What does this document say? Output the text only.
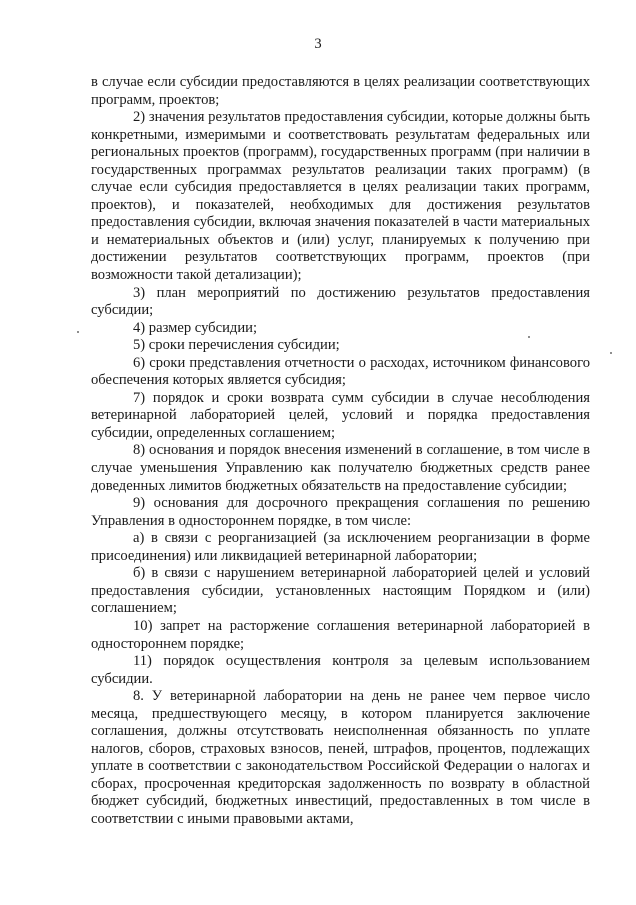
3

в случае если субсидии предоставляются в целях реализации соответствующих программ, проектов;

2) значения результатов предоставления субсидии, которые должны быть конкретными, измеримыми и соответствовать результатам федеральных или региональных проектов (программ), государственных программ (при наличии в государственных программах результатов реализации таких программ) (в случае если субсидия предоставляется в целях реализации таких программ, проектов), и показателей, необходимых для достижения результатов предоставления субсидии, включая значения показателей в части материальных и нематериальных объектов и (или) услуг, планируемых к получению при достижении результатов соответствующих программ, проектов (при возможности такой детализации);

3) план мероприятий по достижению результатов предоставления субсидии;

4) размер субсидии;

5) сроки перечисления субсидии;

6) сроки представления отчетности о расходах, источником финансового обеспечения которых является субсидия;

7) порядок и сроки возврата сумм субсидии в случае несоблюдения ветеринарной лабораторией целей, условий и порядка предоставления субсидии, определенных соглашением;

8) основания и порядок внесения изменений в соглашение, в том числе в случае уменьшения Управлению как получателю бюджетных средств ранее доведенных лимитов бюджетных обязательств на предоставление субсидии;

9) основания для досрочного прекращения соглашения по решению Управления в одностороннем порядке, в том числе:

а) в связи с реорганизацией (за исключением реорганизации в форме присоединения) или ликвидацией ветеринарной лаборатории;

б) в связи с нарушением ветеринарной лабораторией целей и условий предоставления субсидии, установленных настоящим Порядком и (или) соглашением;

10) запрет на расторжение соглашения ветеринарной лабораторией в одностороннем порядке;

11) порядок осуществления контроля за целевым использованием субсидии.

8. У ветеринарной лаборатории на день не ранее чем первое число месяца, предшествующего месяцу, в котором планируется заключение соглашения, должны отсутствовать неисполненная обязанность по уплате налогов, сборов, страховых взносов, пеней, штрафов, процентов, подлежащих уплате в соответствии с законодательством Российской Федерации о налогах и сборах, просроченная кредиторская задолженность по возврату в областной бюджет субсидий, бюджетных инвестиций, предоставленных в том числе в соответствии с иными правовыми актами,
